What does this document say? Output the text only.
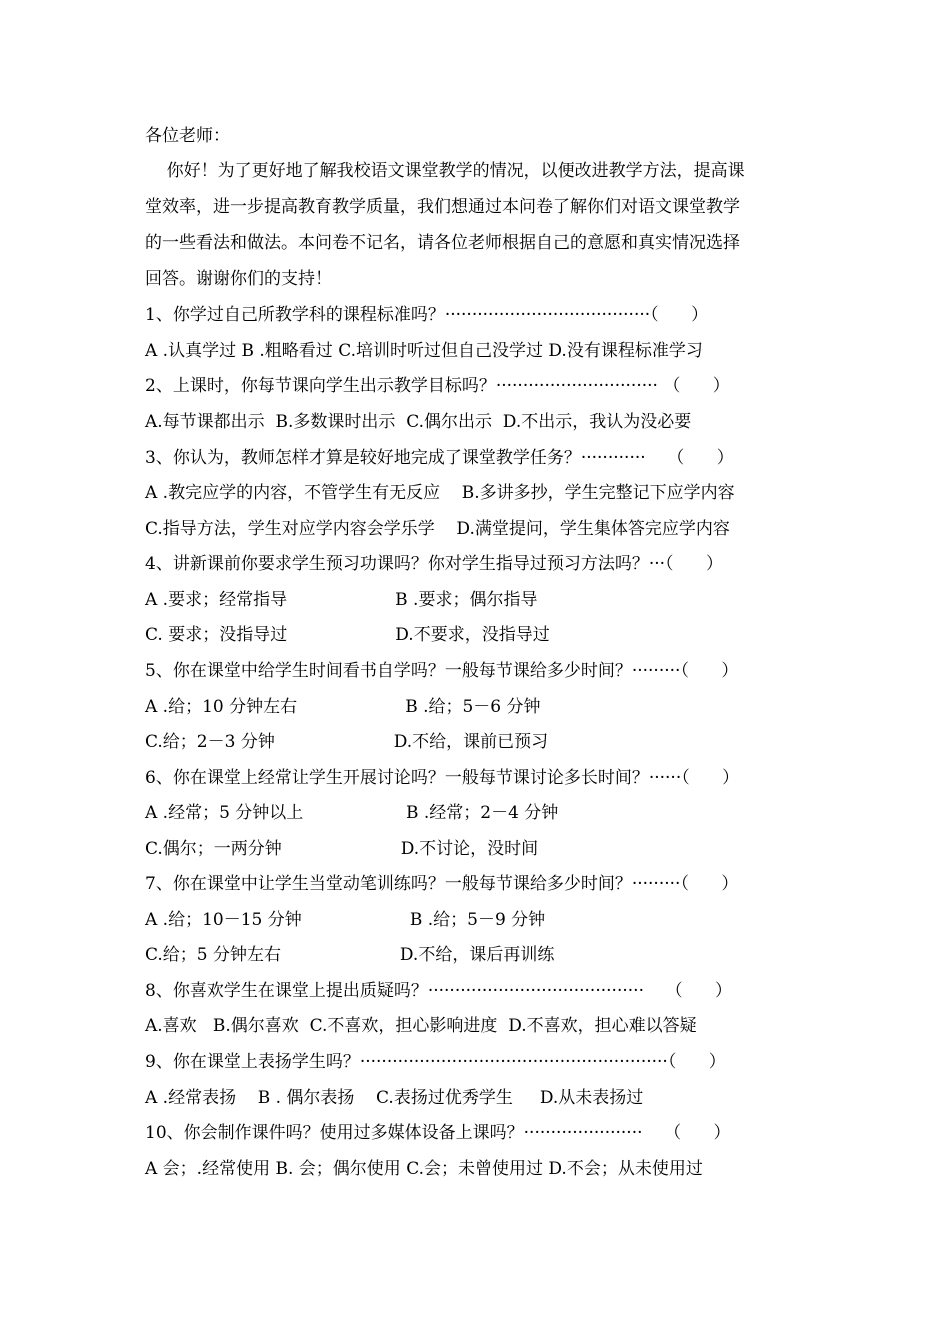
各位老师：
你好！为了更好地了解我校语文课堂教学的情况，以便改进教学方法，提高课
堂效率，进一步提高教育教学质量，我们想通过本问卷了解你们对语文课堂教学
的一些看法和做法。本问卷不记名，请各位老师根据自己的意愿和真实情况选择
回答。谢谢你们的支持！
1、你学过自己所教学科的课程标准吗？······································（      ）
A .认真学过 B .粗略看过 C.培训时听过但自己没学过 D.没有课程标准学习
2、上课时，你每节课向学生出示教学目标吗？······························ （      ）
A.每节课都出示  B.多数课时出示  C.偶尔出示  D.不出示，我认为没必要
3、你认为，教师怎样才算是较好地完成了课堂教学任务？············    （      ）
A .教完应学的内容，不管学生有无反应    B.多讲多抄，学生完整记下应学内容
C.指导方法，学生对应学内容会学乐学    D.满堂提问，学生集体答完应学内容
4、讲新课前你要求学生预习功课吗？你对学生指导过预习方法吗？···（      ）
A .要求；经常指导                    B .要求；偶尔指导
C. 要求；没指导过                    D.不要求，没指导过
5、你在课堂中给学生时间看书自学吗？一般每节课给多少时间？·········（      ）
A .给；10 分钟左右                    B .给；5－6 分钟
C.给；2－3 分钟                      D.不给，课前已预习
6、你在课堂上经常让学生开展讨论吗？一般每节课讨论多长时间？······（      ）
A .经常；5 分钟以上                   B .经常；2－4 分钟
C.偶尔；一两分钟                      D.不讨论，没时间
7、你在课堂中让学生当堂动笔训练吗？一般每节课给多少时间？·········（      ）
A .给；10－15 分钟                    B .给；5－9 分钟
C.给；5 分钟左右                      D.不给，课后再训练
8、你喜欢学生在课堂上提出质疑吗？········································    （      ）
A.喜欢   B.偶尔喜欢  C.不喜欢，担心影响进度  D.不喜欢，担心难以答疑
9、你在课堂上表扬学生吗？·························································（      ）
A .经常表扬    B . 偶尔表扬    C.表扬过优秀学生     D.从未表扬过
10、你会制作课件吗？使用过多媒体设备上课吗？······················    （      ）
A 会；.经常使用 B. 会；偶尔使用 C.会；未曾使用过 D.不会；从未使用过
